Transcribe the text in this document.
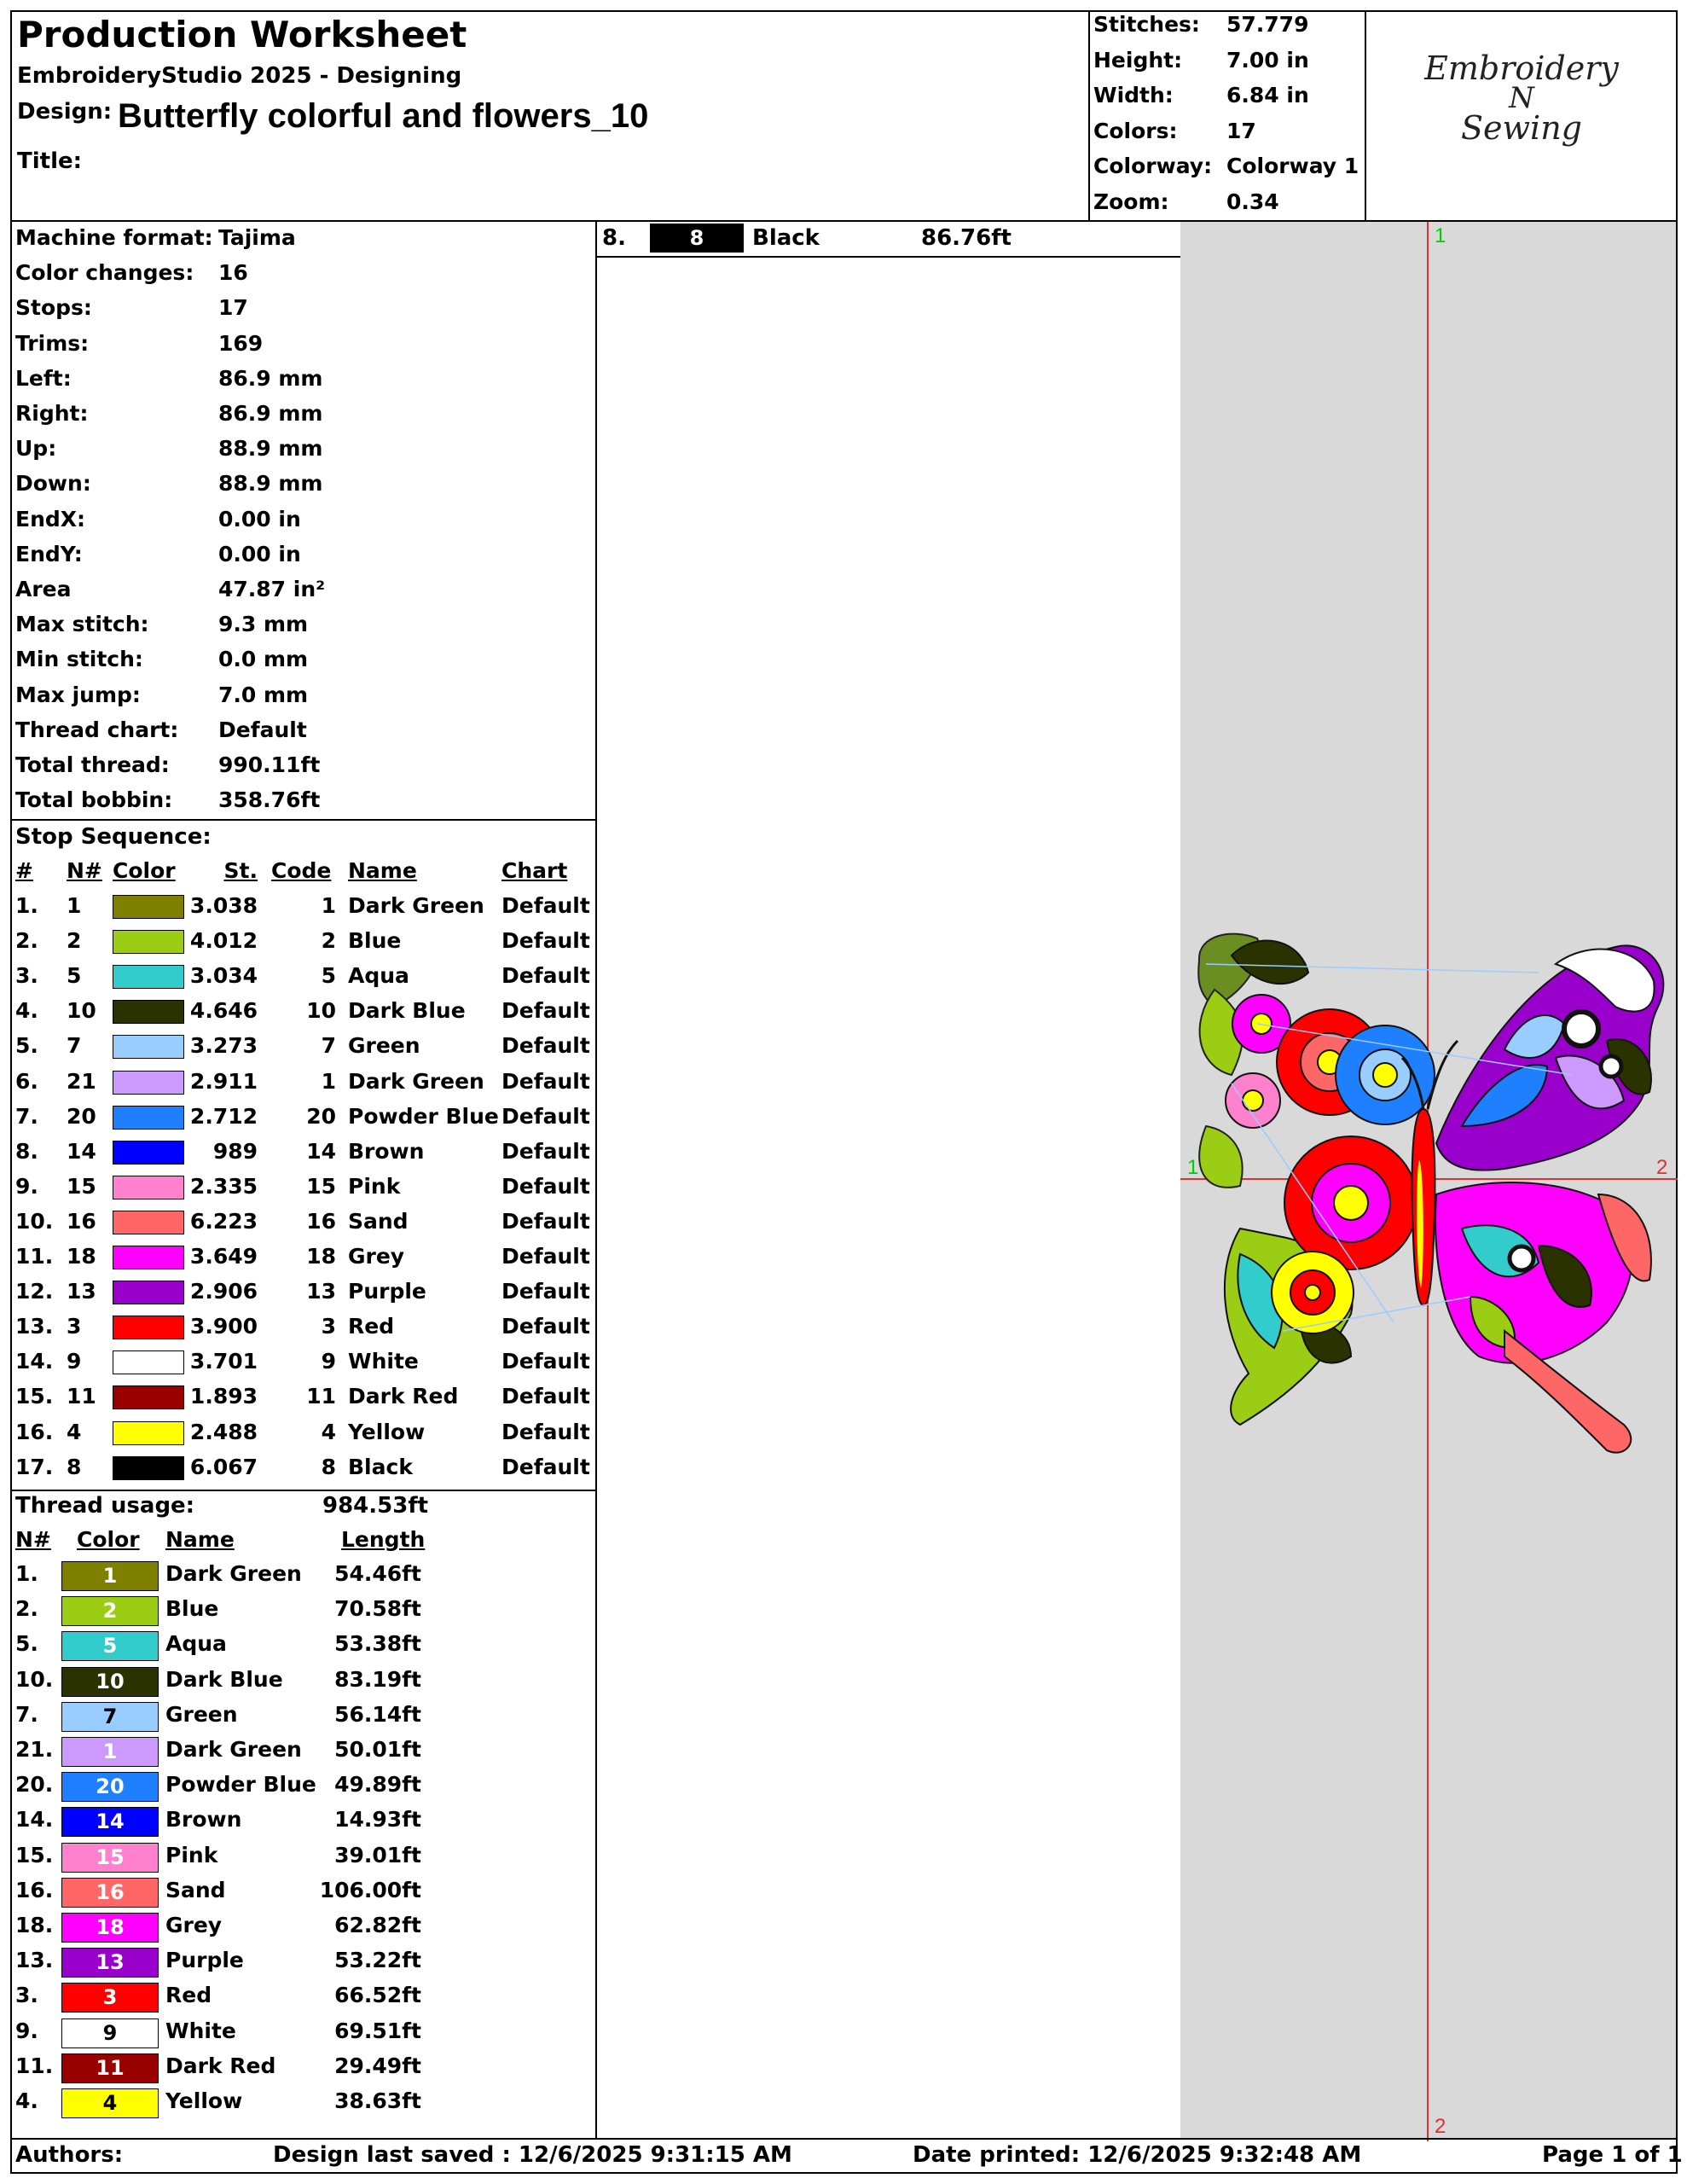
Production Worksheet
EmbroideryStudio 2025 - Designing
Design: Butterfly colorful and flowers_10
Title:
Stitches: 57.779
Height: 7.00 in
Width: 6.84 in
Colors: 17
Colorway: Colorway 1
Zoom:	0.34
Embroidery
N
Sewing
Machine format: Tajima
Color changes: 16
Stops:	17
Trims:	169
Left:	86.9 mm
Right:	86.9 mm
Up:	88.9 mm
Down:	88.9 mm
EndX:	0.00 in
EndY:	0.00 in
Area	47.87 in²
Max stitch:	9.3 mm
Min stitch:	0.0 mm
Max jump:	7.0 mm
Thread chart: Default
Total thread: 990.11ft
Total bobbin: 358.76ft
Stop Sequence:
# N# Color	St. Code Name	Chart
1. 1	3.038	1 Dark Green Default
2. 2	4.012	2 Blue	Default
3. 5	3.034	5 Aqua	Default
4. 10	4.646	10 Dark Blue Default
5. 7	3.273	7 Green	Default
6. 21	2.911	1 Dark Green Default
7. 20	2.712	20 Powder Blue Default
8. 14	989	14 Brown	Default
9. 15	2.335	15 Pink	Default
10. 16	6.223	16 Sand	Default
11. 18	3.649	18 Grey	Default
12. 13	2.906	13 Purple	Default
13. 3	3.900	3 Red	Default
14. 9	3.701	9 White	Default
15. 11	1.893	11 Dark Red Default
16. 4	2.488	4 Yellow	Default
17. 8	6.067	8 Black	Default
Thread usage:	984.53ft
N# Color Name	Length
1.	1	Dark Green	54.46ft
2.	2	Blue	70.58ft
5.	5	Aqua	53.38ft
10.	10	Dark Blue	83.19ft
7.	7	Green	56.14ft
21.	1	Dark Green	50.01ft
20.	20	Powder Blue 49.89ft
14.	14	Brown	14.93ft
15.	15	Pink	39.01ft
16.	16	Sand	106.00ft
18.	18	Grey	62.82ft
13.	13	Purple	53.22ft
3.	3	Red	66.52ft
9.	9	White	69.51ft
11.	11	Dark Red	29.49ft
4.	4	Yellow	38.63ft
8.	8	Black	86.76ft	1
1	2
2
Authors:	Design last saved : 12/6/2025 9:31:15 AM	Date printed: 12/6/2025 9:32:48 AM	Page 1 of 1
